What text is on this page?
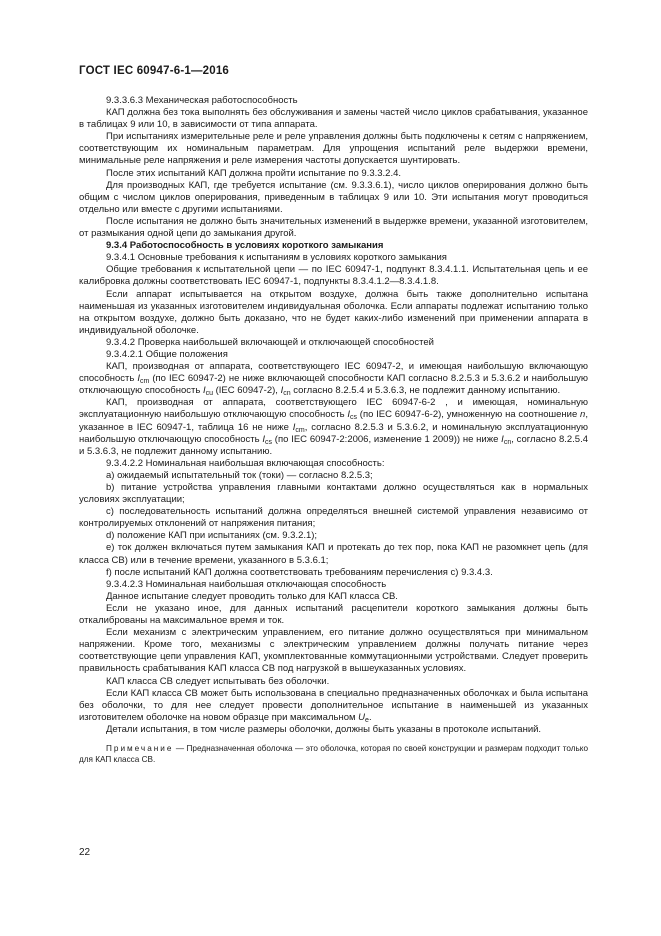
ГОСТ IEC 60947-6-1—2016

9.3.3.6.3 Механическая работоспособность

КАП должна без тока выполнять без обслуживания и замены частей число циклов срабатывания, указанное в таблицах 9 или 10, в зависимости от типа аппарата.

При испытаниях измерительные реле и реле управления должны быть подключены к сетям с напряжением, соответствующим их номинальным параметрам. Для упрощения испытаний реле выдержки времени, минимальные реле напряжения и реле измерения частоты допускается шунтировать.

После этих испытаний КАП должна пройти испытание по 9.3.3.2.4.

Для производных КАП, где требуется испытание (см. 9.3.3.6.1), число циклов оперирования должно быть общим с числом циклов оперирования, приведенным в таблицах 9 или 10. Эти испытания могут проводиться отдельно или вместе с другими испытаниями.

После испытания не должно быть значительных изменений в выдержке времени, указанной изготовителем, от размыкания одной цепи до замыкания другой.

9.3.4 Работоспособность в условиях короткого замыкания

9.3.4.1 Основные требования к испытаниям в условиях короткого замыкания

Общие требования к испытательной цепи — по IEC 60947-1, подпункт 8.3.4.1.1. Испытательная цепь и ее калибровка должны соответствовать IEC 60947-1, подпункты 8.3.4.1.2—8.3.4.1.8.

Если аппарат испытывается на открытом воздухе, должна быть также дополнительно испытана наименьшая из указанных изготовителем индивидуальная оболочка. Если аппараты подлежат испытанию только на открытом воздухе, должно быть доказано, что не будет каких-либо изменений при применении аппарата в индивидуальной оболочке.

9.3.4.2 Проверка наибольшей включающей и отключающей способностей

9.3.4.2.1 Общие положения

КАП, производная от аппарата, соответствующего IEC 60947-2, и имеющая наибольшую включающую способность $I_{cm}$ (по IEC 60947-2) не ниже включающей способности КАП согласно 8.2.5.3 и 5.3.6.2 и наибольшую отключающую способность $I_{cu}$ (IEC 60947-2), $I_{cn}$ согласно 8.2.5.4 и 5.3.6.3, не подлежит данному испытанию.

КАП, производная от аппарата, соответствующего IEC 60947-6-2 , и имеющая, номинальную эксплуатационную наибольшую отключающую способность $I_{cs}$ (по IEC 60947-6-2), умноженную на соотношение n, указанное в IEC 60947-1, таблица 16 не ниже $I_{cm}$, согласно 8.2.5.3 и 5.3.6.2, и номинальную эксплуатационную наибольшую отключающую способность $I_{cs}$ (по IEC 60947-2:2006, изменение 1 2009)) не ниже $I_{cn}$, согласно 8.2.5.4 и 5.3.6.3, не подлежит данному испытанию.

9.3.4.2.2 Номинальная наибольшая включающая способность:

а) ожидаемый испытательный ток (токи) — согласно 8.2.5.3;

b) питание устройства управления главными контактами должно осуществляться как в нормальных условиях эксплуатации;

с) последовательность испытаний должна определяться внешней системой управления независимо от контролируемых отклонений от напряжения питания;

d) положение КАП при испытаниях (см. 9.3.2.1);

е) ток должен включаться путем замыкания КАП и протекать до тех пор, пока КАП не разомкнет цепь (для класса СВ) или в течение времени, указанного в 5.3.6.1;

f) после испытаний КАП должна соответствовать требованиям перечисления с) 9.3.4.3.

9.3.4.2.3 Номинальная наибольшая отключающая способность

Данное испытание следует проводить только для КАП класса СВ.

Если не указано иное, для данных испытаний расцепители короткого замыкания должны быть откалиброваны на максимальное время и ток.

Если механизм с электрическим управлением, его питание должно осуществляться при минимальном напряжении. Кроме того, механизмы с электрическим управлением должны получать питание через соответствующие цепи управления КАП, укомплектованные коммутационными устройствами. Следует проверить правильность срабатывания КАП класса СВ под нагрузкой в вышеуказанных условиях.

КАП класса СВ следует испытывать без оболочки.

Если КАП класса СВ может быть использована в специально предназначенных оболочках и была испытана без оболочки, то для нее следует провести дополнительное испытание в наименьшей из указанных изготовителем оболочке на новом образце при максимальном $U_e$.

Детали испытания, в том числе размеры оболочки, должны быть указаны в протоколе испытаний.

Примечание — Предназначенная оболочка — это оболочка, которая по своей конструкции и размерам подходит только для КАП класса СВ.

22
